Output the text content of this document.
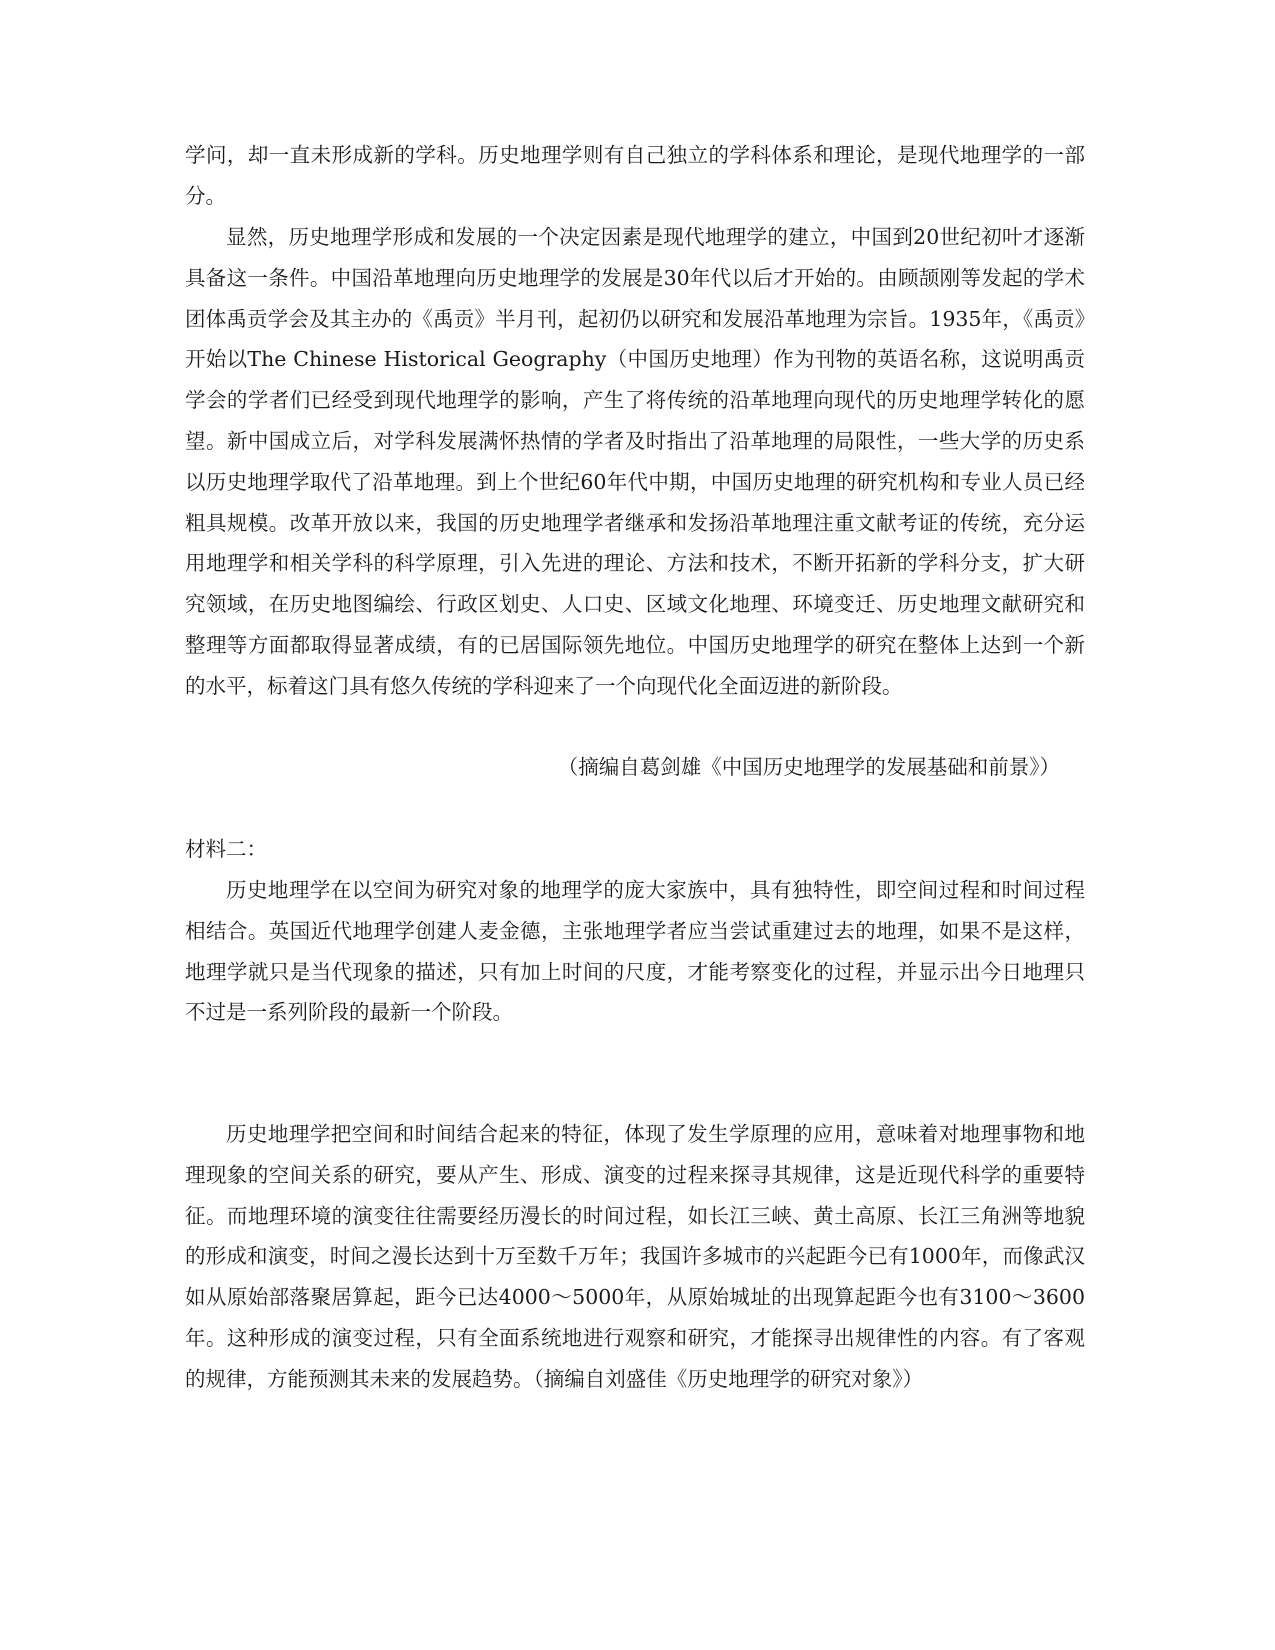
学问，却一直未形成新的学科。历史地理学则有自己独立的学科体系和理论，是现代地理学的一部分。

显然，历史地理学形成和发展的一个决定因素是现代地理学的建立，中国到20世纪初叶才逐渐具备这一条件。中国沿革地理向历史地理学的发展是30年代以后才开始的。由顾颉刚等发起的学术团体禹贡学会及其主办的《禹贡》半月刊，起初仍以研究和发展沿革地理为宗旨。1935年，《禹贡》开始以The Chinese Historical Geography（中国历史地理）作为刊物的英语名称，这说明禹贡学会的学者们已经受到现代地理学的影响，产生了将传统的沿革地理向现代的历史地理学转化的愿望。新中国成立后，对学科发展满怀热情的学者及时指出了沿革地理的局限性，一些大学的历史系以历史地理学取代了沿革地理。到上个世纪60年代中期，中国历史地理的研究机构和专业人员已经粗具规模。改革开放以来，我国的历史地理学者继承和发扬沿革地理注重文献考证的传统，充分运用地理学和相关学科的科学原理，引入先进的理论、方法和技术，不断开拓新的学科分支，扩大研究领域，在历史地图编绘、行政区划史、人口史、区域文化地理、环境变迁、历史地理文献研究和整理等方面都取得显著成绩，有的已居国际领先地位。中国历史地理学的研究在整体上达到一个新的水平，标着这门具有悠久传统的学科迎来了一个向现代化全面迈进的新阶段。

（摘编自葛剑雄《中国历史地理学的发展基础和前景》）

材料二：

历史地理学在以空间为研究对象的地理学的庞大家族中，具有独特性，即空间过程和时间过程相结合。英国近代地理学创建人麦金德，主张地理学者应当尝试重建过去的地理，如果不是这样，地理学就只是当代现象的描述，只有加上时间的尺度，才能考察变化的过程，并显示出今日地理只不过是一系列阶段的最新一个阶段。

历史地理学把空间和时间结合起来的特征，体现了发生学原理的应用，意味着对地理事物和地理现象的空间关系的研究，要从产生、形成、演变的过程来探寻其规律，这是近现代科学的重要特征。而地理环境的演变往往需要经历漫长的时间过程，如长江三峡、黄土高原、长江三角洲等地貌的形成和演变，时间之漫长达到十万至数千万年；我国许多城市的兴起距今已有1000年，而像武汉如从原始部落聚居算起，距今已达4000～5000年，从原始城址的出现算起距今也有3100～3600年。这种形成的演变过程，只有全面系统地进行观察和研究，才能探寻出规律性的内容。有了客观的规律，方能预测其未来的发展趋势。（摘编自刘盛佳《历史地理学的研究对象》）
